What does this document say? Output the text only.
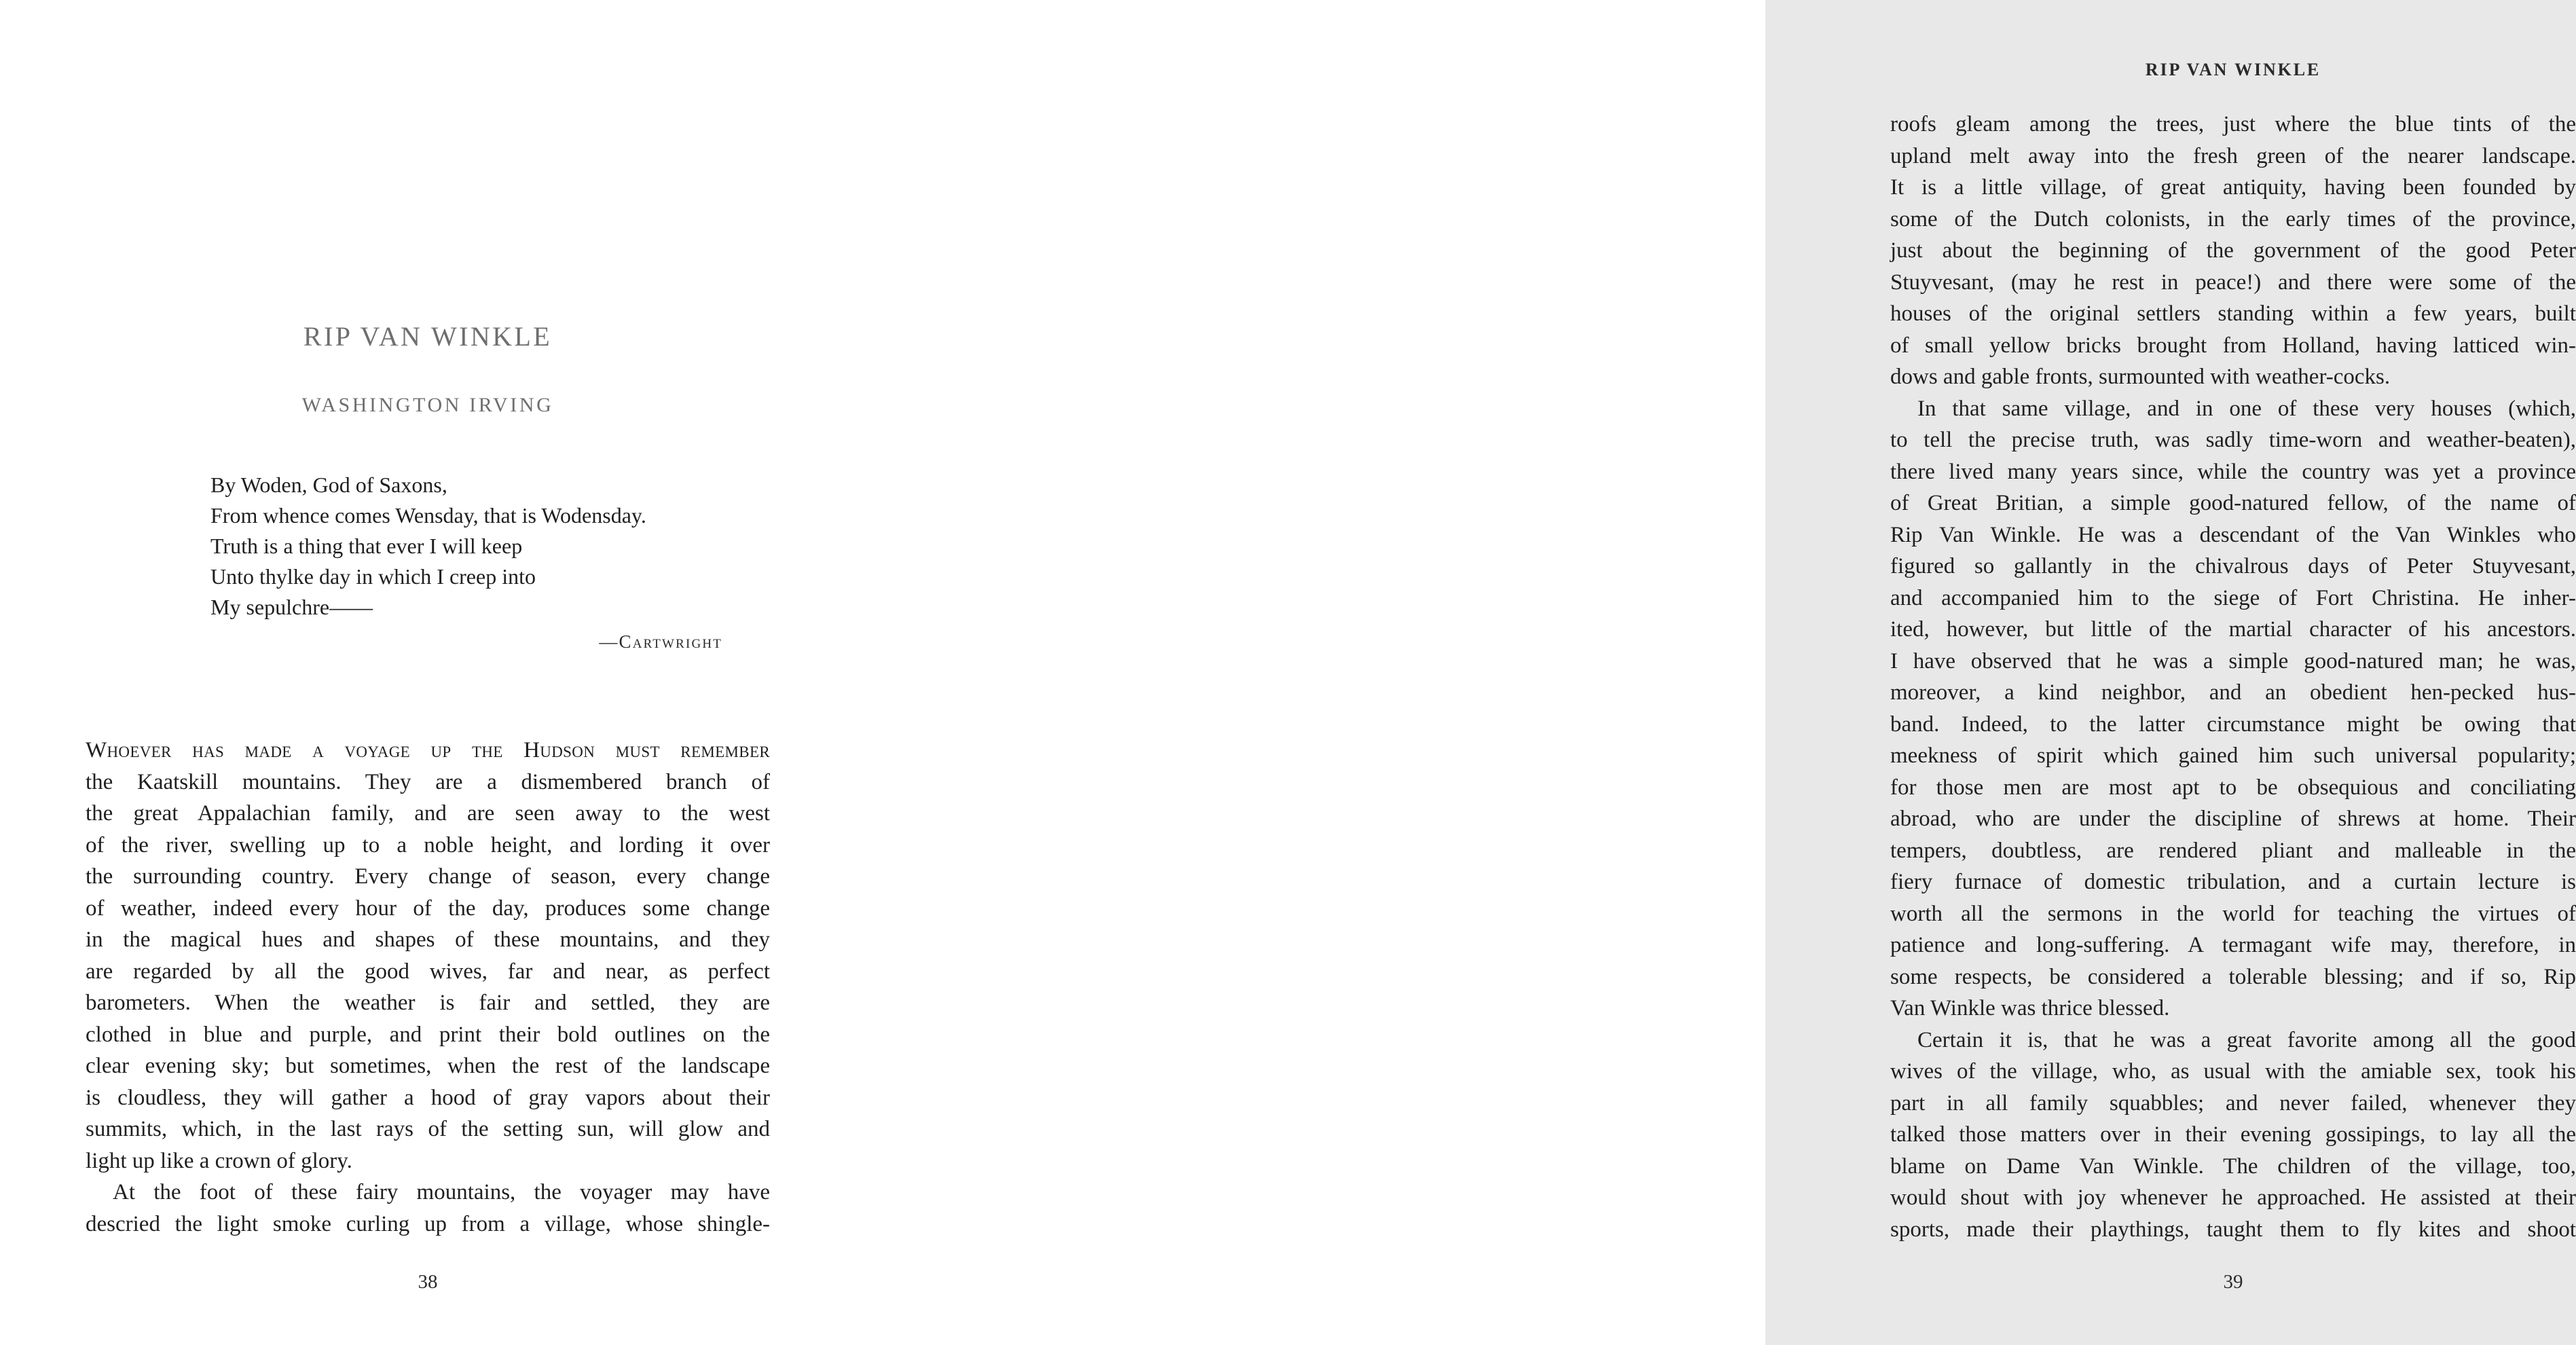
RIP VAN WINKLE
WASHINGTON IRVING
By Woden, God of Saxons,
From whence comes Wensday, that is Wodensday.
Truth is a thing that ever I will keep
Unto thylke day in which I creep into
My sepulchre——
—Cartwright
Whoever has made a voyage up the Hudson must remember
the Kaatskill mountains. They are a dismembered branch of
the great Appalachian family, and are seen away to the west
of the river, swelling up to a noble height, and lording it over
the surrounding country. Every change of season, every change
of weather, indeed every hour of the day, produces some change
in the magical hues and shapes of these mountains, and they
are regarded by all the good wives, far and near, as perfect
barometers. When the weather is fair and settled, they are
clothed in blue and purple, and print their bold outlines on the
clear evening sky; but sometimes, when the rest of the landscape
is cloudless, they will gather a hood of gray vapors about their
summits, which, in the last rays of the setting sun, will glow and
light up like a crown of glory.
At the foot of these fairy mountains, the voyager may have
descried the light smoke curling up from a village, whose shingle-
38
RIP VAN WINKLE
roofs gleam among the trees, just where the blue tints of the
upland melt away into the fresh green of the nearer landscape.
It is a little village, of great antiquity, having been founded by
some of the Dutch colonists, in the early times of the province,
just about the beginning of the government of the good Peter
Stuyvesant, (may he rest in peace!) and there were some of the
houses of the original settlers standing within a few years, built
of small yellow bricks brought from Holland, having latticed win-
dows and gable fronts, surmounted with weather-cocks.
In that same village, and in one of these very houses (which,
to tell the precise truth, was sadly time-worn and weather-beaten),
there lived many years since, while the country was yet a province
of Great Britian, a simple good-natured fellow, of the name of
Rip Van Winkle. He was a descendant of the Van Winkles who
figured so gallantly in the chivalrous days of Peter Stuyvesant,
and accompanied him to the siege of Fort Christina. He inher-
ited, however, but little of the martial character of his ancestors.
I have observed that he was a simple good-natured man; he was,
moreover, a kind neighbor, and an obedient hen-pecked hus-
band. Indeed, to the latter circumstance might be owing that
meekness of spirit which gained him such universal popularity;
for those men are most apt to be obsequious and conciliating
abroad, who are under the discipline of shrews at home. Their
tempers, doubtless, are rendered pliant and malleable in the
fiery furnace of domestic tribulation, and a curtain lecture is
worth all the sermons in the world for teaching the virtues of
patience and long-suffering. A termagant wife may, therefore, in
some respects, be considered a tolerable blessing; and if so, Rip
Van Winkle was thrice blessed.
Certain it is, that he was a great favorite among all the good
wives of the village, who, as usual with the amiable sex, took his
part in all family squabbles; and never failed, whenever they
talked those matters over in their evening gossipings, to lay all the
blame on Dame Van Winkle. The children of the village, too,
would shout with joy whenever he approached. He assisted at their
sports, made their playthings, taught them to fly kites and shoot
39
